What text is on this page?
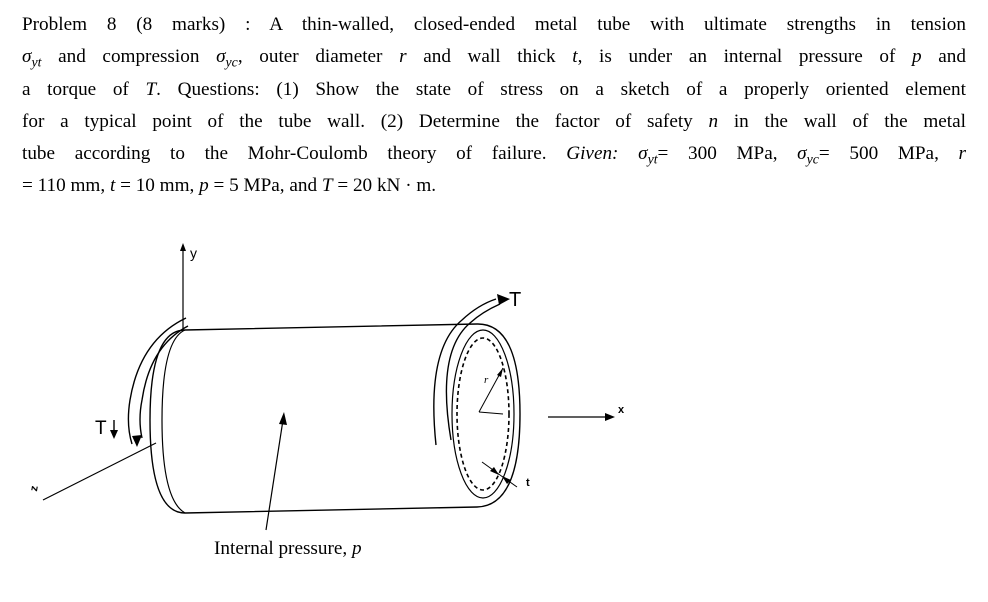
Problem 8 (8 marks) : A thin-walled, closed-ended metal tube with ultimate strengths in tension
$\sigma_{yt}$ and compression $\sigma_{yc}$, outer diameter r and wall thick t, is under an internal pressure of p and
a torque of T. Questions: (1) Show the state of stress on a sketch of a properly oriented element
for a typical point of the tube wall. (2) Determine the factor of safety n in the wall of the metal
tube according to the Mohr-Coulomb theory of failure. Given: $\sigma_{yt}= 300$ MPa, $\sigma_{yc}= 500$ MPa, r
= 110 mm, t = 10 mm, p = 5 MPa, and T = 20 kN · m.
y
z
x
r
t
T
T
Internal pressure, p
